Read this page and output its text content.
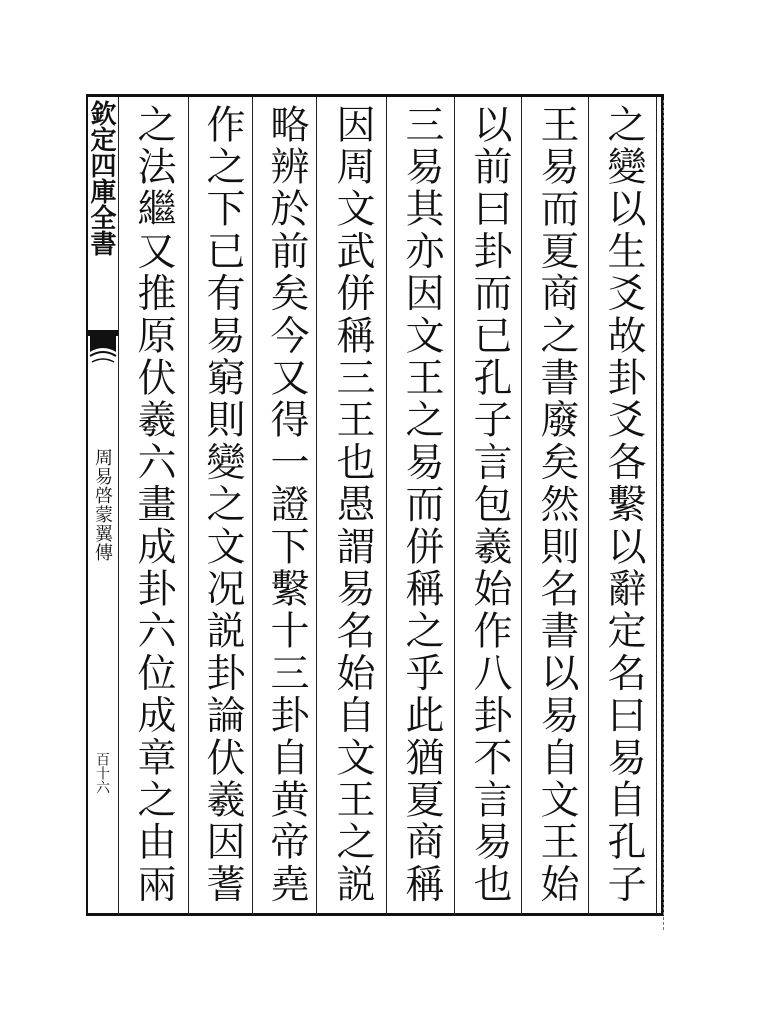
欽定四庫全書
周易啓蒙翼傳
百十六
之變以生爻故卦爻各繫以辭定名曰易自孔子
王易而夏商之書廢矣然則名書以易自文王始
以前曰卦而已孔子言包羲始作八卦不言易也
三易其亦因文王之易而併稱之乎此猶夏商稱
因周文武併稱三王也愚謂易名始自文王之説
略辨於前矣今又得一證下繫十三卦自黄帝堯
作之下已有易窮則變之文况説卦論伏羲因蓍
之法繼又推原伏羲六畫成卦六位成章之由兩
